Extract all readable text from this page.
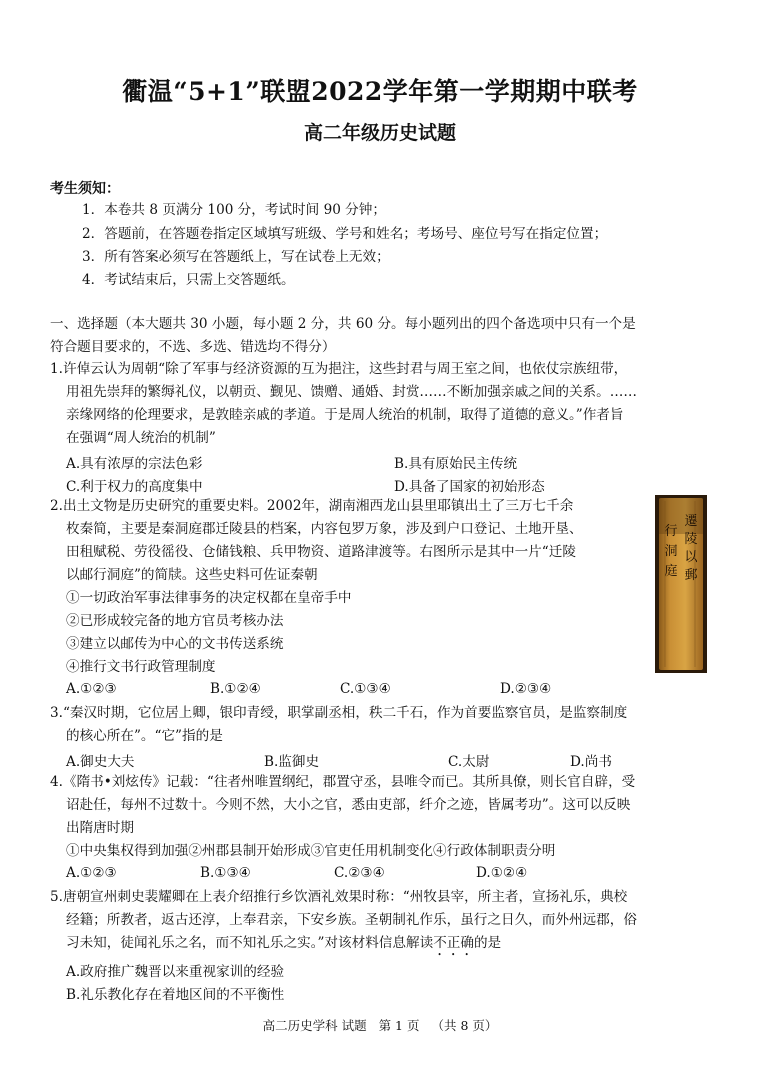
衢温“5+1”联盟2022学年第一学期期中联考
高二年级历史试题
考生须知：
1．本卷共 8 页满分 100 分，考试时间 90 分钟；
2．答题前，在答题卷指定区域填写班级、学号和姓名；考场号、座位号写在指定位置；
3．所有答案必须写在答题纸上，写在试卷上无效；
4．考试结束后，只需上交答题纸。
一、选择题（本大题共 30 小题，每小题 2 分，共 60 分。每小题列出的四个备选项中只有一个是
符合题目要求的，不选、多选、错选均不得分）
1.许倬云认为周朝“除了军事与经济资源的互为挹注，这些封君与周王室之间，也依仗宗族纽带，
用祖先崇拜的繁缛礼仪，以朝贡、觐见、馈赠、通婚、封赏……不断加强亲戚之间的关系。……
亲缘网络的伦理要求，是敦睦亲戚的孝道。于是周人统治的机制，取得了道德的意义。”作者旨
在强调“周人统治的机制”
A.具有浓厚的宗法色彩	B.具有原始民主传统
C.利于权力的高度集中	D.具备了国家的初始形态
2.出土文物是历史研究的重要史料。2002年，湖南湘西龙山县里耶镇出土了三万七千余
枚秦简，主要是秦洞庭郡迁陵县的档案，内容包罗万象，涉及到户口登记、土地开垦、
田租赋税、劳役徭役、仓储钱粮、兵甲物资、道路津渡等。右图所示是其中一片“迁陵
以邮行洞庭”的简牍。这些史料可佐证秦朝
①一切政治军事法律事务的决定权都在皇帝手中
②已形成较完备的地方官员考核办法
③建立以邮传为中心的文书传送系统
④推行文书行政管理制度
A.①②③	B.①②④	C.①③④	D.②③④
遷
陵
以
郵
行
洞
庭
3.“秦汉时期，它位居上卿，银印青绶，职掌副丞相，秩二千石，作为首要监察官员，是监察制度
的核心所在”。“它”指的是
A.御史大夫	B.监御史	C.太尉	D.尚书
4.《隋书•刘炫传》记载：“往者州唯置纲纪，郡置守丞，县唯令而已。其所具僚，则长官自辟，受
诏赴任，每州不过数十。今则不然，大小之官，悉由吏部，纤介之迹，皆属考功”。这可以反映
出隋唐时期
①中央集权得到加强②州郡县制开始形成③官吏任用机制变化④行政体制职责分明
A.①②③	B.①③④	C.②③④	D.①②④
5.唐朝宣州刺史裴耀卿在上表介绍推行乡饮酒礼效果时称：“州牧县宰，所主者，宣扬礼乐，典校
经籍；所教者，返古还淳，上奉君亲，下安乡族。圣朝制礼作乐，虽行之日久，而外州远郡，俗
习未知，徒闻礼乐之名，而不知礼乐之实。”对该材料信息解读不正确的是
A.政府推广魏晋以来重视家训的经验
B.礼乐教化存在着地区间的不平衡性
高二历史学科 试题 第 1 页 （共 8 页）
